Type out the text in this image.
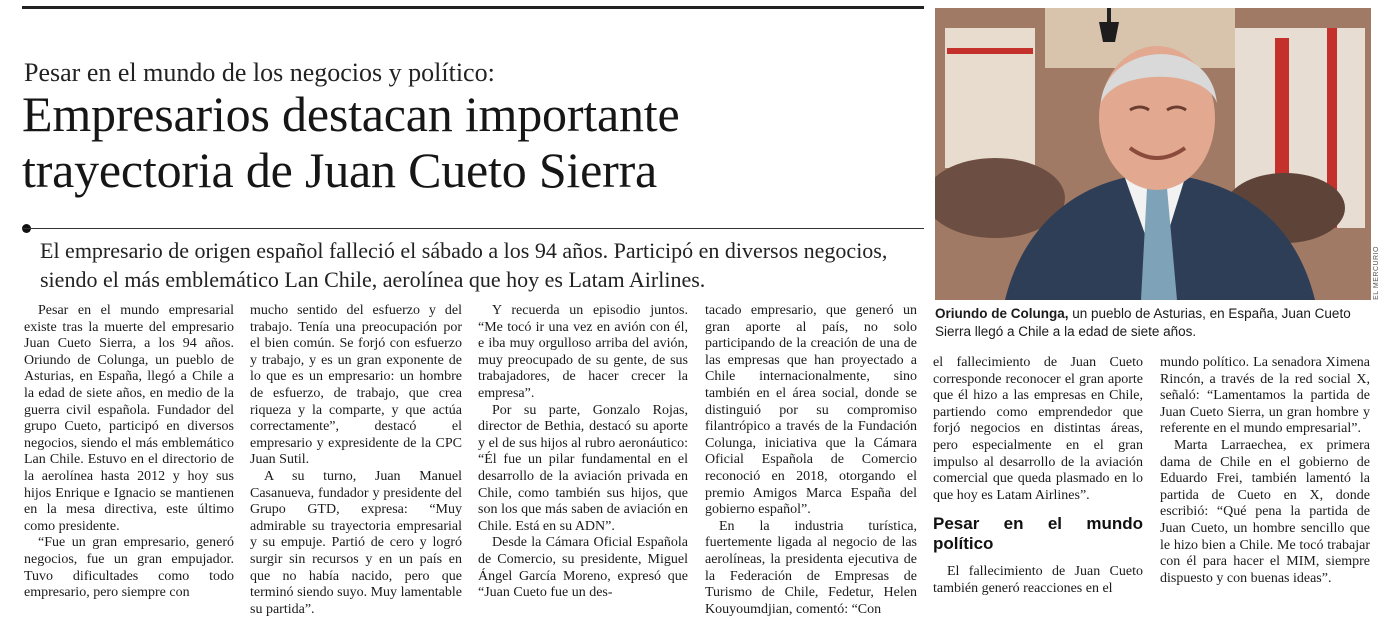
Pesar en el mundo de los negocios y político:
Empresarios destacan importante
trayectoria de Juan Cueto Sierra
El empresario de origen español falleció el sábado a los 94 años. Participó en diversos negocios, siendo el más emblemático Lan Chile, aerolínea que hoy es Latam Airlines.	EL MERCURIO
Oriundo de Colunga, un pueblo de Asturias, en España, Juan Cueto Sierra llegó a Chile a la edad de siete años.

Pesar en el mundo empresarial existe tras la muerte del empresario Juan Cueto Sierra, a los 94 años. Oriundo de Colunga, un pueblo de Asturias, en España, llegó a Chile a la edad de siete años, en medio de la guerra civil española. Fundador del grupo Cueto, participó en diversos negocios, siendo el más emblemático Lan Chile. Estuvo en el directorio de la aerolínea hasta 2012 y hoy sus hijos Enrique e Ignacio se mantienen en la mesa directiva, este último como presidente.

“Fue un gran empresario, generó negocios, fue un gran empujador. Tuvo dificultades como todo empresario, pero siempre con

mucho sentido del esfuerzo y del trabajo. Tenía una preocupación por el bien común. Se forjó con esfuerzo y trabajo, y es un gran exponente de lo que es un empresario: un hombre de esfuerzo, de trabajo, que crea riqueza y la comparte, y que actúa correctamente”, destacó el empresario y expresidente de la CPC Juan Sutil.

A su turno, Juan Manuel Casanueva, fundador y presidente del Grupo GTD, expresa: “Muy admirable su trayectoria empresarial y su empuje. Partió de cero y logró surgir sin recursos y en un país en que no había nacido, pero que terminó siendo suyo. Muy lamentable su partida”.

Y recuerda un episodio juntos. “Me tocó ir una vez en avión con él, e iba muy orgulloso arriba del avión, muy preocupado de su gente, de sus trabajadores, de hacer crecer la empresa”.

Por su parte, Gonzalo Rojas, director de Bethia, destacó su aporte y el de sus hijos al rubro aeronáutico: “Él fue un pilar fundamental en el desarrollo de la aviación privada en Chile, como también sus hijos, que son los que más saben de aviación en Chile. Está en su ADN”.

Desde la Cámara Oficial Española de Comercio, su presidente, Miguel Ángel García Moreno, expresó que “Juan Cueto fue un des-

tacado empresario, que generó un gran aporte al país, no solo participando de la creación de una de las empresas que han proyectado a Chile internacionalmente, sino también en el área social, donde se distinguió por su compromiso filantrópico a través de la Fundación Colunga, iniciativa que la Cámara Oficial Española de Comercio reconoció en 2018, otorgando el premio Amigos Marca España del gobierno español”.

En la industria turística, fuertemente ligada al negocio de las aerolíneas, la presidenta ejecutiva de la Federación de Empresas de Turismo de Chile, Fedetur, Helen Kouyoumdjian, comentó: “Con

el fallecimiento de Juan Cueto corresponde reconocer el gran aporte que él hizo a las empresas en Chile, partiendo como emprendedor que forjó negocios en distintas áreas, pero especialmente en el gran impulso al desarrollo de la aviación comercial que queda plasmado en lo que hoy es Latam Airlines”.

Pesar en el mundo político

El fallecimiento de Juan Cueto también generó reacciones en el

mundo político. La senadora Ximena Rincón, a través de la red social X, señaló: “Lamentamos la partida de Juan Cueto Sierra, un gran hombre y referente en el mundo empresarial”.

Marta Larraechea, ex primera dama de Chile en el gobierno de Eduardo Frei, también lamentó la partida de Cueto en X, donde escribió: “Qué pena la partida de Juan Cueto, un hombre sencillo que le hizo bien a Chile. Me tocó trabajar con él para hacer el MIM, siempre dispuesto y con buenas ideas”.
